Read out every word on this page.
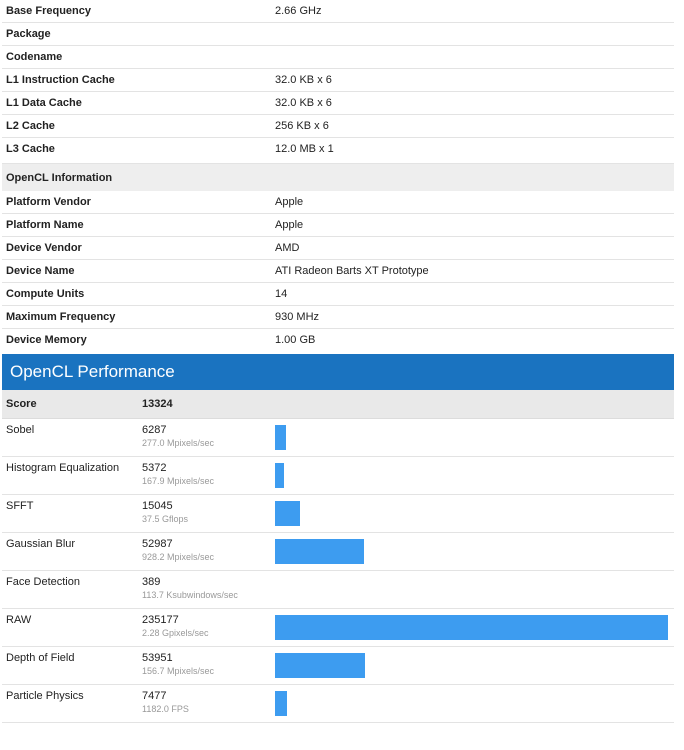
Base Frequency	2.66 GHz
Package	
Codename	
L1 Instruction Cache	32.0 KB x 6
L1 Data Cache	32.0 KB x 6
L2 Cache	256 KB x 6
L3 Cache	12.0 MB x 1
OpenCL Information
Platform Vendor	Apple
Platform Name	Apple
Device Vendor	AMD
Device Name	ATI Radeon Barts XT Prototype
Compute Units	14
Maximum Frequency	930 MHz
Device Memory	1.00 GB
OpenCL Performance
Score	13324
Sobel	6287
277.0 Mpixels/sec
Histogram Equalization 5372
167.9 Mpixels/sec
SFFT	15045
37.5 Gflops
Gaussian Blur	52987
928.2 Mpixels/sec
Face Detection	389
113.7 Ksubwindows/sec
RAW	235177
2.28 Gpixels/sec
Depth of Field	53951
156.7 Mpixels/sec
Particle Physics	7477
1182.0 FPS
